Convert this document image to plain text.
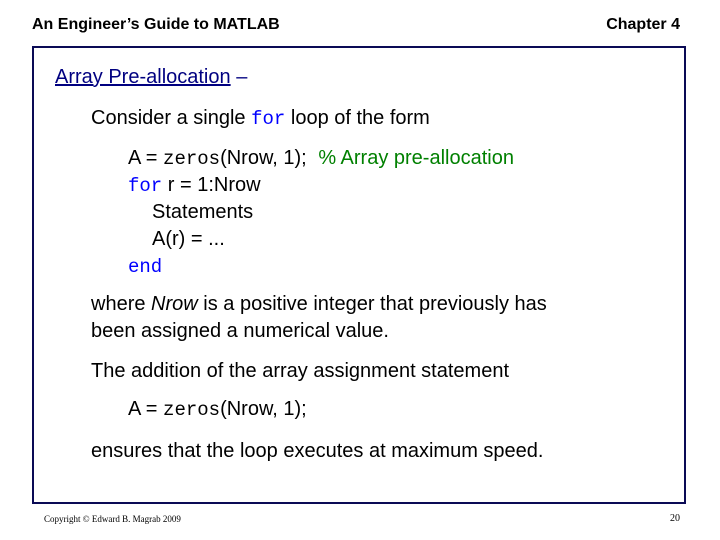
An Engineer’s Guide to MATLAB	Chapter 4
Array Pre-allocation –
Consider a single for loop of the form
A = zeros(Nrow, 1); % Array pre-allocation
for r = 1:Nrow
Statements
A(r) = ...
end
where Nrow is a positive integer that previously has
been assigned a numerical value.
The addition of the array assignment statement
A = zeros(Nrow, 1);
ensures that the loop executes at maximum speed.
Copyright © Edward B. Magrab 2009	20
